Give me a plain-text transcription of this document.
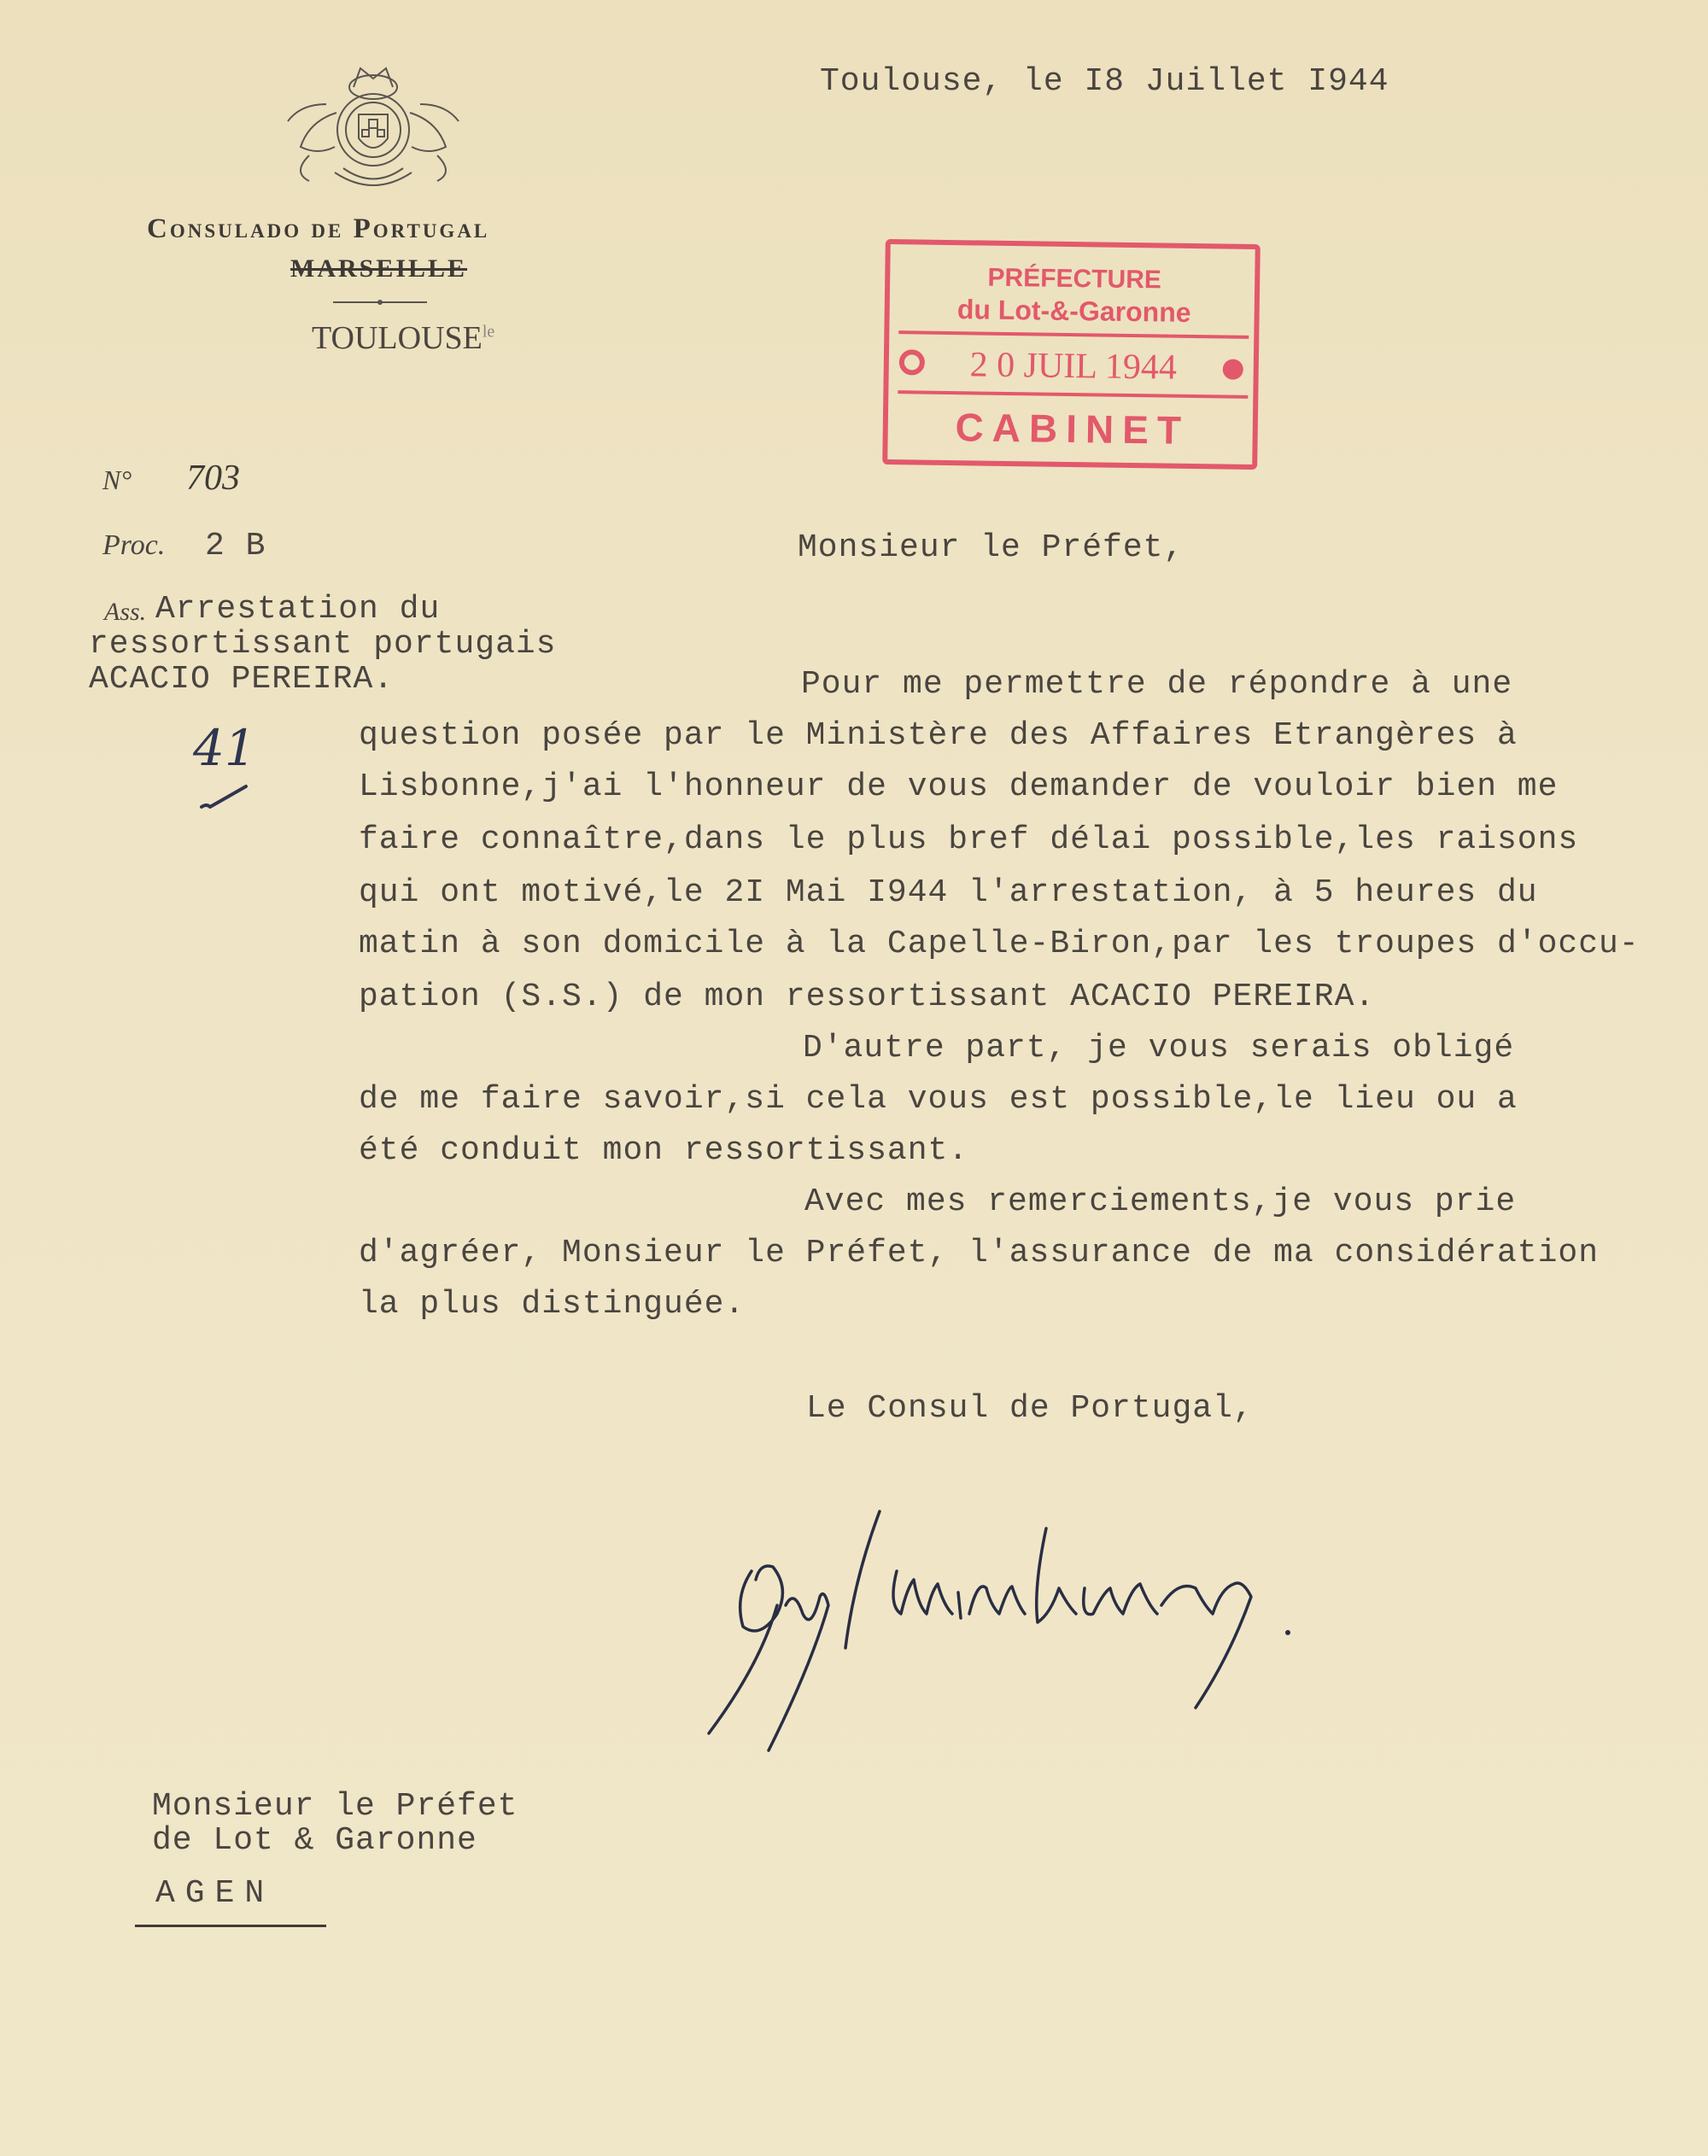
Consulado de Portugal
MARSEILLE
$TOULOUSE^{le}$
Toulouse, le I8 Juillet I944
N° 703
Proc. 2 B
Ass. Arrestation du
ressortissant portugais
ACACIO PEREIRA.
41
PRÉFECTURE
du Lot-&-Garonne
2 0 JUIL 1944
CABINET
Monsieur le Préfet,
Pour me permettre de répondre à une
question posée par le Ministère des Affaires Etrangères à
Lisbonne,j'ai l'honneur de vous demander de vouloir bien me
faire connaître,dans le plus bref délai possible,les raisons
qui ont motivé,le 2I Mai I944 l'arrestation, à 5 heures du
matin à son domicile à la Capelle-Biron,par les troupes d'occu-
pation (S.S.) de mon ressortissant ACACIO PEREIRA.
D'autre part, je vous serais obligé
de me faire savoir,si cela vous est possible,le lieu ou a
été conduit mon ressortissant.
Avec mes remerciements,je vous prie
d'agréer, Monsieur le Préfet, l'assurance de ma considération
la plus distinguée.
Le Consul de Portugal,
Monsieur le Préfet
de Lot & Garonne
AGEN
